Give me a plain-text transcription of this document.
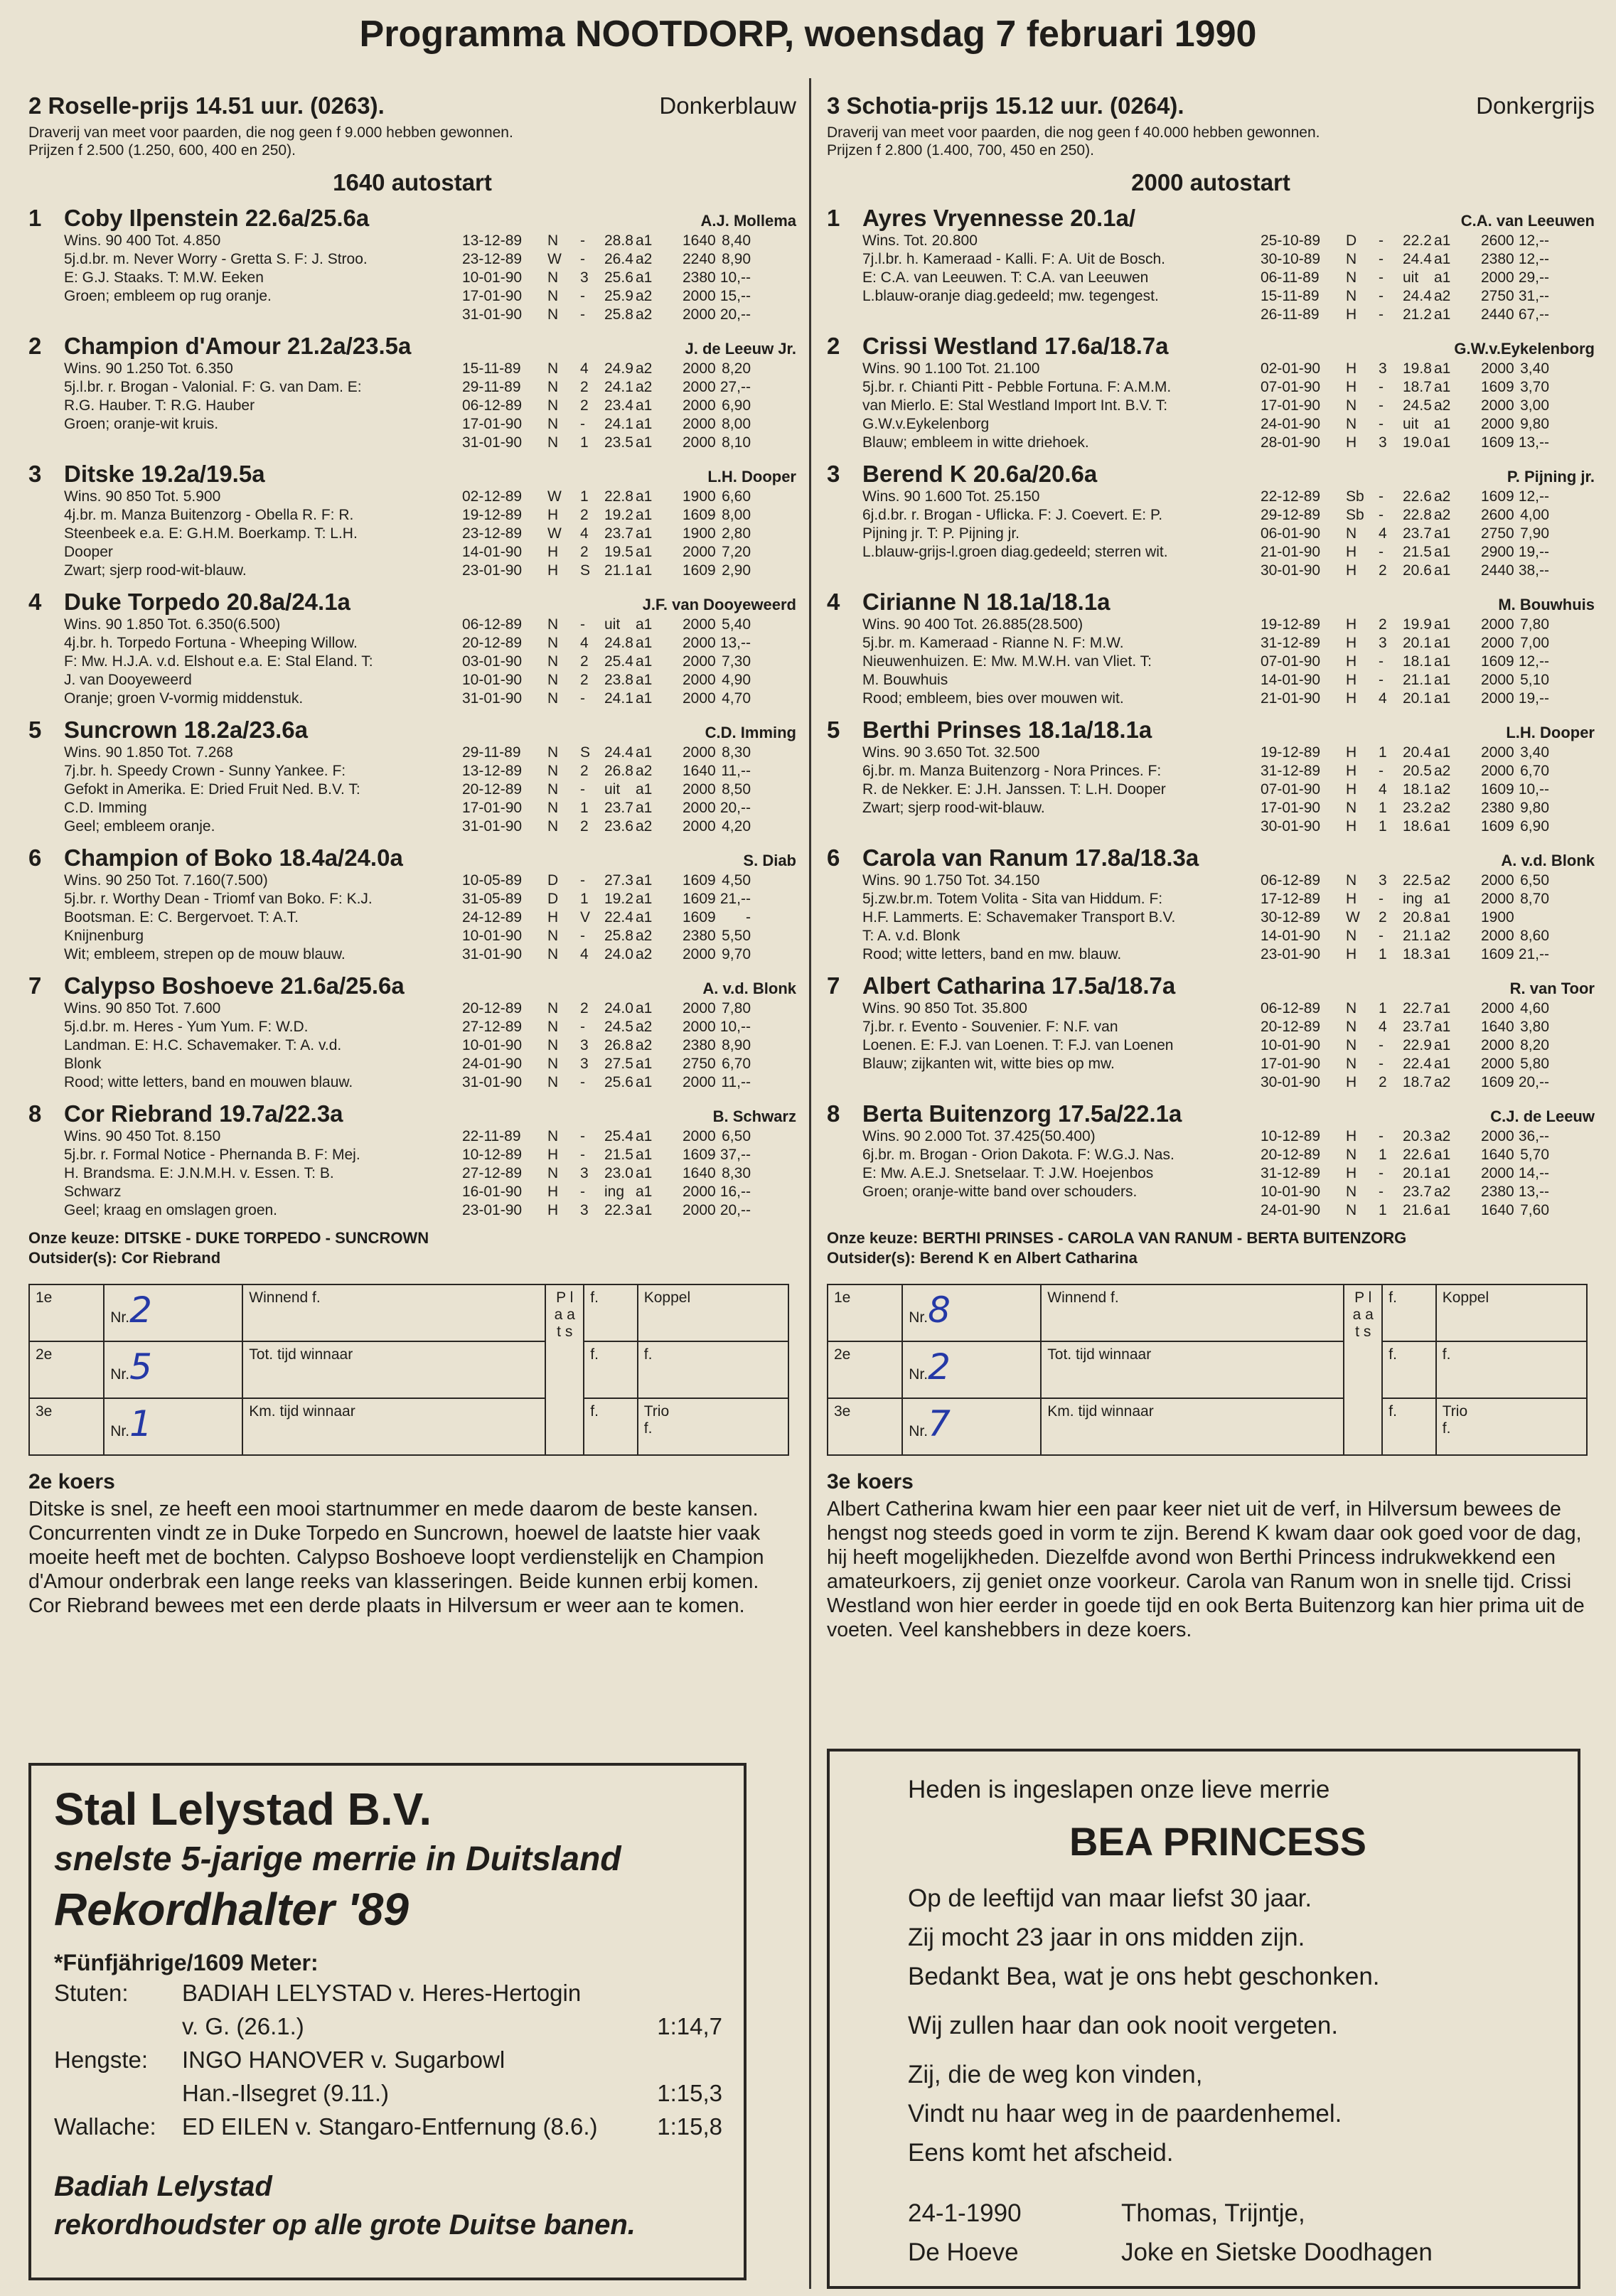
Programma NOOTDORP, woensdag 7 februari 1990
2 Roselle-prijs 14.51 uur. (0263).	Donkerblauw
Draverij van meet voor paarden, die nog geen f 9.000 hebben gewonnen.
Prijzen f 2.500 (1.250, 600, 400 en 250).
1640 autostart
1 Coby Ilpenstein 22.6a/25.6a	A.J. Mollema
Wins. 90 400 Tot. 4.850
5j.d.br. m. Never Worry - Gretta S. F: J. Stroo.
E: G.J. Staaks. T: M.W. Eeken
Groen; embleem op rug oranje.
13-12-89	N	-	28.8 a1	1640 8,40
23-12-89	W	-	26.4 a2	2240 8,90
10-01-90	N	3	25.6 a1	2380 10,--
17-01-90	N	-	25.9 a2	2000 15,--
31-01-90	N	-	25.8 a2	2000 20,--
2 Champion d'Amour 21.2a/23.5a	J. de Leeuw Jr.
Wins. 90 1.250 Tot. 6.350
5j.l.br. r. Brogan - Valonial. F: G. van Dam. E:
R.G. Hauber. T: R.G. Hauber
Groen; oranje-wit kruis.
15-11-89	N	4	24.9 a2	2000 8,20
29-11-89	N	2	24.1 a2	2000 27,--
06-12-89	N	2	23.4 a1	2000 6,90
17-01-90	N	-	24.1 a1	2000 8,00
31-01-90	N	1	23.5 a1	2000 8,10
3 Ditske 19.2a/19.5a	L.H. Dooper
Wins. 90 850 Tot. 5.900
4j.br. m. Manza Buitenzorg - Obella R. F: R.
Steenbeek e.a. E: G.H.M. Boerkamp. T: L.H.
Dooper
Zwart; sjerp rood-wit-blauw.
02-12-89	W	1	22.8 a1	1900 6,60
19-12-89	H	2	19.2 a1	1609 8,00
23-12-89	W	4	23.7 a1	1900 2,80
14-01-90	H	2	19.5 a1	2000 7,20
23-01-90	H	S 21.1 a1	1609 2,90
4 Duke Torpedo 20.8a/24.1a	J.F. van Dooyeweerd
Wins. 90 1.850 Tot. 6.350(6.500)
4j.br. h. Torpedo Fortuna - Wheeping Willow.
F: Mw. H.J.A. v.d. Elshout e.a. E: Stal Eland. T:
J. van Dooyeweerd
Oranje; groen V-vormig middenstuk.
06-12-89	N	-	uit	a1	2000 5,40
20-12-89	N	4	24.8 a1	2000 13,--
03-01-90	N	2	25.4 a1	2000 7,30
10-01-90	N	2	23.8 a1	2000 4,90
31-01-90	N	-	24.1 a1	2000 4,70
5 Suncrown 18.2a/23.6a	C.D. Imming
Wins. 90 1.850 Tot. 7.268
7j.br. h. Speedy Crown - Sunny Yankee. F:
Gefokt in Amerika. E: Dried Fruit Ned. B.V. T:
C.D. Imming
Geel; embleem oranje.
29-11-89	N	S 24.4 a1	2000 8,30
13-12-89	N	2	26.8 a2	1640 11,--
20-12-89	N	-	uit	a1	2000 8,50
17-01-90	N	1	23.7 a1	2000 20,--
31-01-90	N	2	23.6 a2	2000 4,20
6 Champion of Boko 18.4a/24.0a	S. Diab
Wins. 90 250 Tot. 7.160(7.500)
5j.br. r. Worthy Dean - Triomf van Boko. F: K.J.
Bootsman. E: C. Bergervoet. T: A.T.
Knijnenburg
Wit; embleem, strepen op de mouw blauw.
10-05-89	D	-	27.3 a1	1609 4,50
31-05-89	D	1	19.2 a1	1609 21,--
24-12-89	H	V 22.4 a1	1609	-
10-01-90	N	-	25.8 a2	2380 5,50
31-01-90	N	4	24.0 a2	2000 9,70
7 Calypso Boshoeve 21.6a/25.6a	A. v.d. Blonk
Wins. 90 850 Tot. 7.600
5j.d.br. m. Heres - Yum Yum. F: W.D.
Landman. E: H.C. Schavemaker. T: A. v.d.
Blonk
Rood; witte letters, band en mouwen blauw.
20-12-89	N	2	24.0 a1	2000 7,80
27-12-89	N	-	24.5 a2	2000 10,--
10-01-90	N	3	26.8 a2	2380 8,90
24-01-90	N	3	27.5 a1	2750 6,70
31-01-90	N	-	25.6 a1	2000 11,--
8 Cor Riebrand 19.7a/22.3a	B. Schwarz
Wins. 90 450 Tot. 8.150
5j.br. r. Formal Notice - Phernanda B. F: Mej.
H. Brandsma. E: J.N.M.H. v. Essen. T: B.
Schwarz
Geel; kraag en omslagen groen.
22-11-89	N	-	25.4 a1	2000 6,50
10-12-89	H	-	21.5 a1	1609 37,--
27-12-89	N	3	23.0 a1	1640 8,30
16-01-90	H	-	ing a1	2000 16,--
23-01-90	H	3	22.3 a1	2000 20,--
Onze keuze: DITSKE - DUKE TORPEDO - SUNCROWN
Outsider(s): Cor Riebrand
1e	Nr.2	Winnend f.	P l a a t s	f.	Koppel

2e	Nr.5	Tot. tijd winnaar		f.	f.

3e	Nr.1	Km. tijd winnaar		f.	Trio
f.
2e koers
Ditske is snel, ze heeft een mooi startnummer en mede daarom de beste kansen. Concurrenten vindt ze in Duke Torpedo en Suncrown, hoewel de laatste hier vaak moeite heeft met de bochten. Calypso Boshoeve loopt verdienstelijk en Champion d'Amour onderbrak een lange reeks van klasseringen. Beide kunnen erbij komen. Cor Riebrand bewees met een derde plaats in Hilversum er weer aan te komen.
3 Schotia-prijs 15.12 uur. (0264).	Donkergrijs
Draverij van meet voor paarden, die nog geen f 40.000 hebben gewonnen.
Prijzen f 2.800 (1.400, 700, 450 en 250).
2000 autostart
1 Ayres Vryennesse 20.1a/	C.A. van Leeuwen
Wins. Tot. 20.800
7j.l.br. h. Kameraad - Kalli. F: A. Uit de Bosch.
E: C.A. van Leeuwen. T: C.A. van Leeuwen
L.blauw-oranje diag.gedeeld; mw. tegengest.
25-10-89	D	-	22.2 a1	2600 12,--
30-10-89	N	-	24.4 a1	2380 12,--
06-11-89	N	-	uit	a1	2000 29,--
15-11-89	N	-	24.4 a2	2750 31,--
26-11-89	H	-	21.2 a1	2440 67,--
2 Crissi Westland 17.6a/18.7a	G.W.v.Eykelenborg
Wins. 90 1.100 Tot. 21.100
5j.br. r. Chianti Pitt - Pebble Fortuna. F: A.M.M.
van Mierlo. E: Stal Westland Import Int. B.V. T:
G.W.v.Eykelenborg
Blauw; embleem in witte driehoek.
02-01-90	H	3	19.8 a1	2000 3,40
07-01-90	H	-	18.7 a1	1609 3,70
17-01-90	N	-	24.5 a2	2000 3,00
24-01-90	N	-	uit	a1	2000 9,80
28-01-90	H	3	19.0 a1	1609 13,--
3 Berend K 20.6a/20.6a	P. Pijning jr.
Wins. 90 1.600 Tot. 25.150
6j.d.br. r. Brogan - Uflicka. F: J. Coevert. E: P.
Pijning jr. T: P. Pijning jr.
L.blauw-grijs-l.groen diag.gedeeld; sterren wit.
22-12-89	Sb -	22.6 a2	1609 12,--
29-12-89	Sb -	22.8 a2	2600 4,00
06-01-90	N	4	23.7 a1	2750 7,90
21-01-90	H	-	21.5 a1	2900 19,--
30-01-90	H	2	20.6 a1	2440 38,--
4 Cirianne N 18.1a/18.1a	M. Bouwhuis
Wins. 90 400 Tot. 26.885(28.500)
5j.br. m. Kameraad - Rianne N. F: M.W.
Nieuwenhuizen. E: Mw. M.W.H. van Vliet. T:
M. Bouwhuis
Rood; embleem, bies over mouwen wit.
19-12-89	H	2	19.9 a1	2000 7,80
31-12-89	H	3	20.1 a1	2000 7,00
07-01-90	H	-	18.1 a1	1609 12,--
14-01-90	H	-	21.1 a1	2000 5,10
21-01-90	H	4	20.1 a1	2000 19,--
5 Berthi Prinses 18.1a/18.1a	L.H. Dooper
Wins. 90 3.650 Tot. 32.500
6j.br. m. Manza Buitenzorg - Nora Princes. F:
R. de Nekker. E: J.H. Janssen. T: L.H. Dooper
Zwart; sjerp rood-wit-blauw.
19-12-89	H	1	20.4 a1	2000 3,40
31-12-89	H	-	20.5 a2	2000 6,70
07-01-90	H	4	18.1 a2	1609 10,--
17-01-90	N	1	23.2 a2	2380 9,80
30-01-90	H	1	18.6 a1	1609 6,90
6 Carola van Ranum 17.8a/18.3a	A. v.d. Blonk
Wins. 90 1.750 Tot. 34.150
5j.zw.br.m. Totem Volita - Sita van Hiddum. F:
H.F. Lammerts. E: Schavemaker Transport B.V.
T: A. v.d. Blonk
Rood; witte letters, band en mw. blauw.
06-12-89	N	3	22.5 a2	2000 6,50
17-12-89	H	-	ing a1	2000 8,70
30-12-89	W	2	20.8 a1	1900
14-01-90	N	-	21.1 a2	2000 8,60
23-01-90	H	1	18.3 a1	1609 21,--
7 Albert Catharina 17.5a/18.7a	R. van Toor
Wins. 90 850 Tot. 35.800
7j.br. r. Evento - Souvenier. F: N.F. van
Loenen. E: F.J. van Loenen. T: F.J. van Loenen
Blauw; zijkanten wit, witte bies op mw.
06-12-89	N	1	22.7 a1	2000 4,60
20-12-89	N	4	23.7 a1	1640 3,80
10-01-90	N	-	22.9 a1	2000 8,20
17-01-90	N	-	22.4 a1	2000 5,80
30-01-90	H	2	18.7 a2	1609 20,--
8 Berta Buitenzorg 17.5a/22.1a	C.J. de Leeuw
Wins. 90 2.000 Tot. 37.425(50.400)
6j.br. m. Brogan - Orion Dakota. F: W.G.J. Nas.
E: Mw. A.E.J. Snetselaar. T: J.W. Hoejenbos
Groen; oranje-witte band over schouders.
10-12-89	H	-	20.3 a2	2000 36,--
20-12-89	N	1	22.6 a1	1640 5,70
31-12-89	H	-	20.1 a1	2000 14,--
10-01-90	N	-	23.7 a2	2380 13,--
24-01-90	N	1	21.6 a1	1640 7,60
Onze keuze: BERTHI PRINSES - CAROLA VAN RANUM - BERTA BUITENZORG
Outsider(s): Berend K en Albert Catharina
1e	Nr.8	Winnend f.	P l a a t s	f.	Koppel

2e	Nr.2	Tot. tijd winnaar		f.	f.

3e	Nr.7	Km. tijd winnaar		f.	Trio
f.
3e koers
Albert Catherina kwam hier een paar keer niet uit de verf, in Hilversum bewees de hengst nog steeds goed in vorm te zijn. Berend K kwam daar ook goed voor de dag, hij heeft mogelijkheden. Diezelfde avond won Berthi Princess indrukwekkend een amateurkoers, zij geniet onze voorkeur. Carola van Ranum won in snelle tijd. Crissi Westland won hier eerder in goede tijd en ook Berta Buitenzorg kan hier prima uit de voeten. Veel kanshebbers in deze koers.
Stal Lelystad B.V.
snelste 5-jarige merrie in Duitsland
Rekordhalter '89
*Fünfjährige/1609 Meter:
Stuten:	BADIAH LELYSTAD v. Heres-Hertogin
v. G. (26.1.)	1:14,7
Hengste:	INGO HANOVER v. Sugarbowl
Han.-Ilsegret (9.11.)	1:15,3
Wallache:	ED EILEN v. Stangaro-Entfernung (8.6.)	1:15,8
Badiah Lelystad
rekordhoudster op alle grote Duitse banen.
Heden is ingeslapen onze lieve merrie
BEA PRINCESS
Op de leeftijd van maar liefst 30 jaar.
Zij mocht 23 jaar in ons midden zijn.
Bedankt Bea, wat je ons hebt geschonken.
Wij zullen haar dan ook nooit vergeten.
Zij, die de weg kon vinden,
Vindt nu haar weg in de paardenhemel.
Eens komt het afscheid.
24-1-1990	Thomas, Trijntje,
De Hoeve	Joke en Sietske Doodhagen
